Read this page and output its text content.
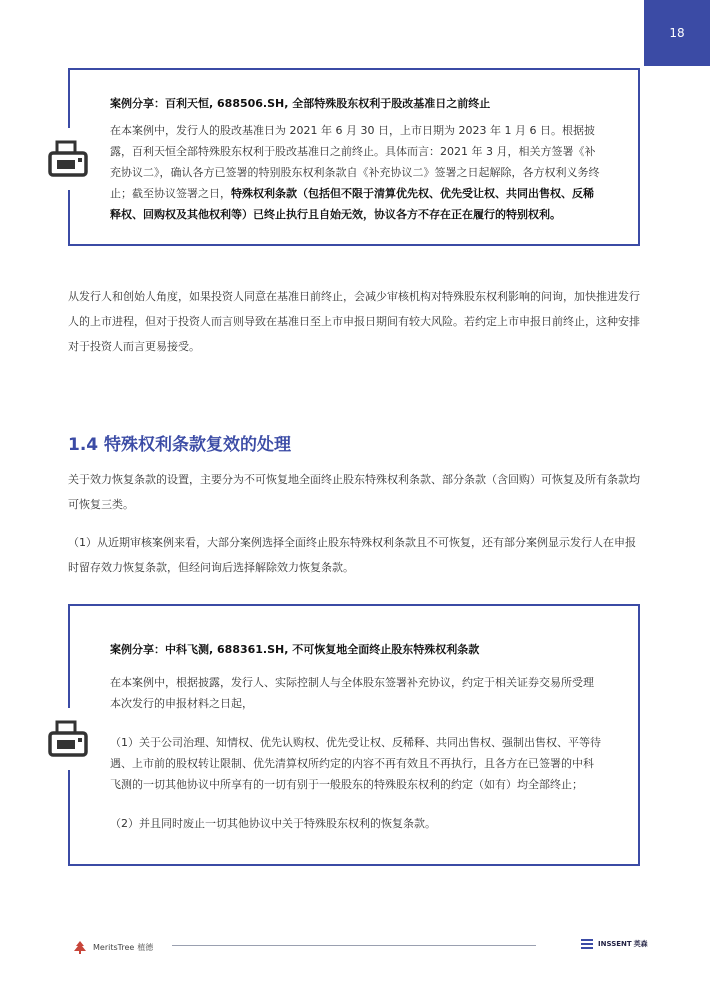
18
案例分享：百利天恒, 688506.SH, 全部特殊股东权利于股改基准日之前终止

在本案例中，发行人的股改基准日为 2021 年 6 月 30 日，上市日期为 2023 年 1 月 6 日。根据披露，百利天恒全部特殊股东权利于股改基准日之前终止。具体而言：2021 年 3 月，相关方签署《补充协议二》，确认各方已签署的特别股东权利条款自《补充协议二》签署之日起解除，各方权利义务终止；截至协议签署之日，特殊权利条款（包括但不限于清算优先权、优先受让权、共同出售权、反稀释权、回购权及其他权利等）已终止执行且自始无效，协议各方不存在正在履行的特别权利。

从发行人和创始人角度，如果投资人同意在基准日前终止，会减少审核机构对特殊股东权利影响的问询，加快推进发行人的上市进程，但对于投资人而言则导致在基准日至上市申报日期间有较大风险。若约定上市申报日前终止，这种安排对于投资人而言更易接受。

1.4 特殊权利条款复效的处理

关于效力恢复条款的设置，主要分为不可恢复地全面终止股东特殊权利条款、部分条款（含回购）可恢复及所有条款均可恢复三类。

（1）从近期审核案例来看，大部分案例选择全面终止股东特殊权利条款且不可恢复，还有部分案例显示发行人在申报时留存效力恢复条款，但经问询后选择解除效力恢复条款。

案例分享：中科飞测, 688361.SH, 不可恢复地全面终止股东特殊权利条款

在本案例中，根据披露，发行人、实际控制人与全体股东签署补充协议，约定于相关证券交易所受理本次发行的申报材料之日起，

（1）关于公司治理、知情权、优先认购权、优先受让权、反稀释、共同出售权、强制出售权、平等待遇、上市前的股权转让限制、优先清算权所约定的内容不再有效且不再执行，且各方在已签署的中科飞测的一切其他协议中所享有的一切有别于一般股东的特殊股东权利的约定（如有）均全部终止；

（2）并且同时废止一切其他协议中关于特殊股东权利的恢复条款。

MeritsTree 植德	INSSENT 英森
